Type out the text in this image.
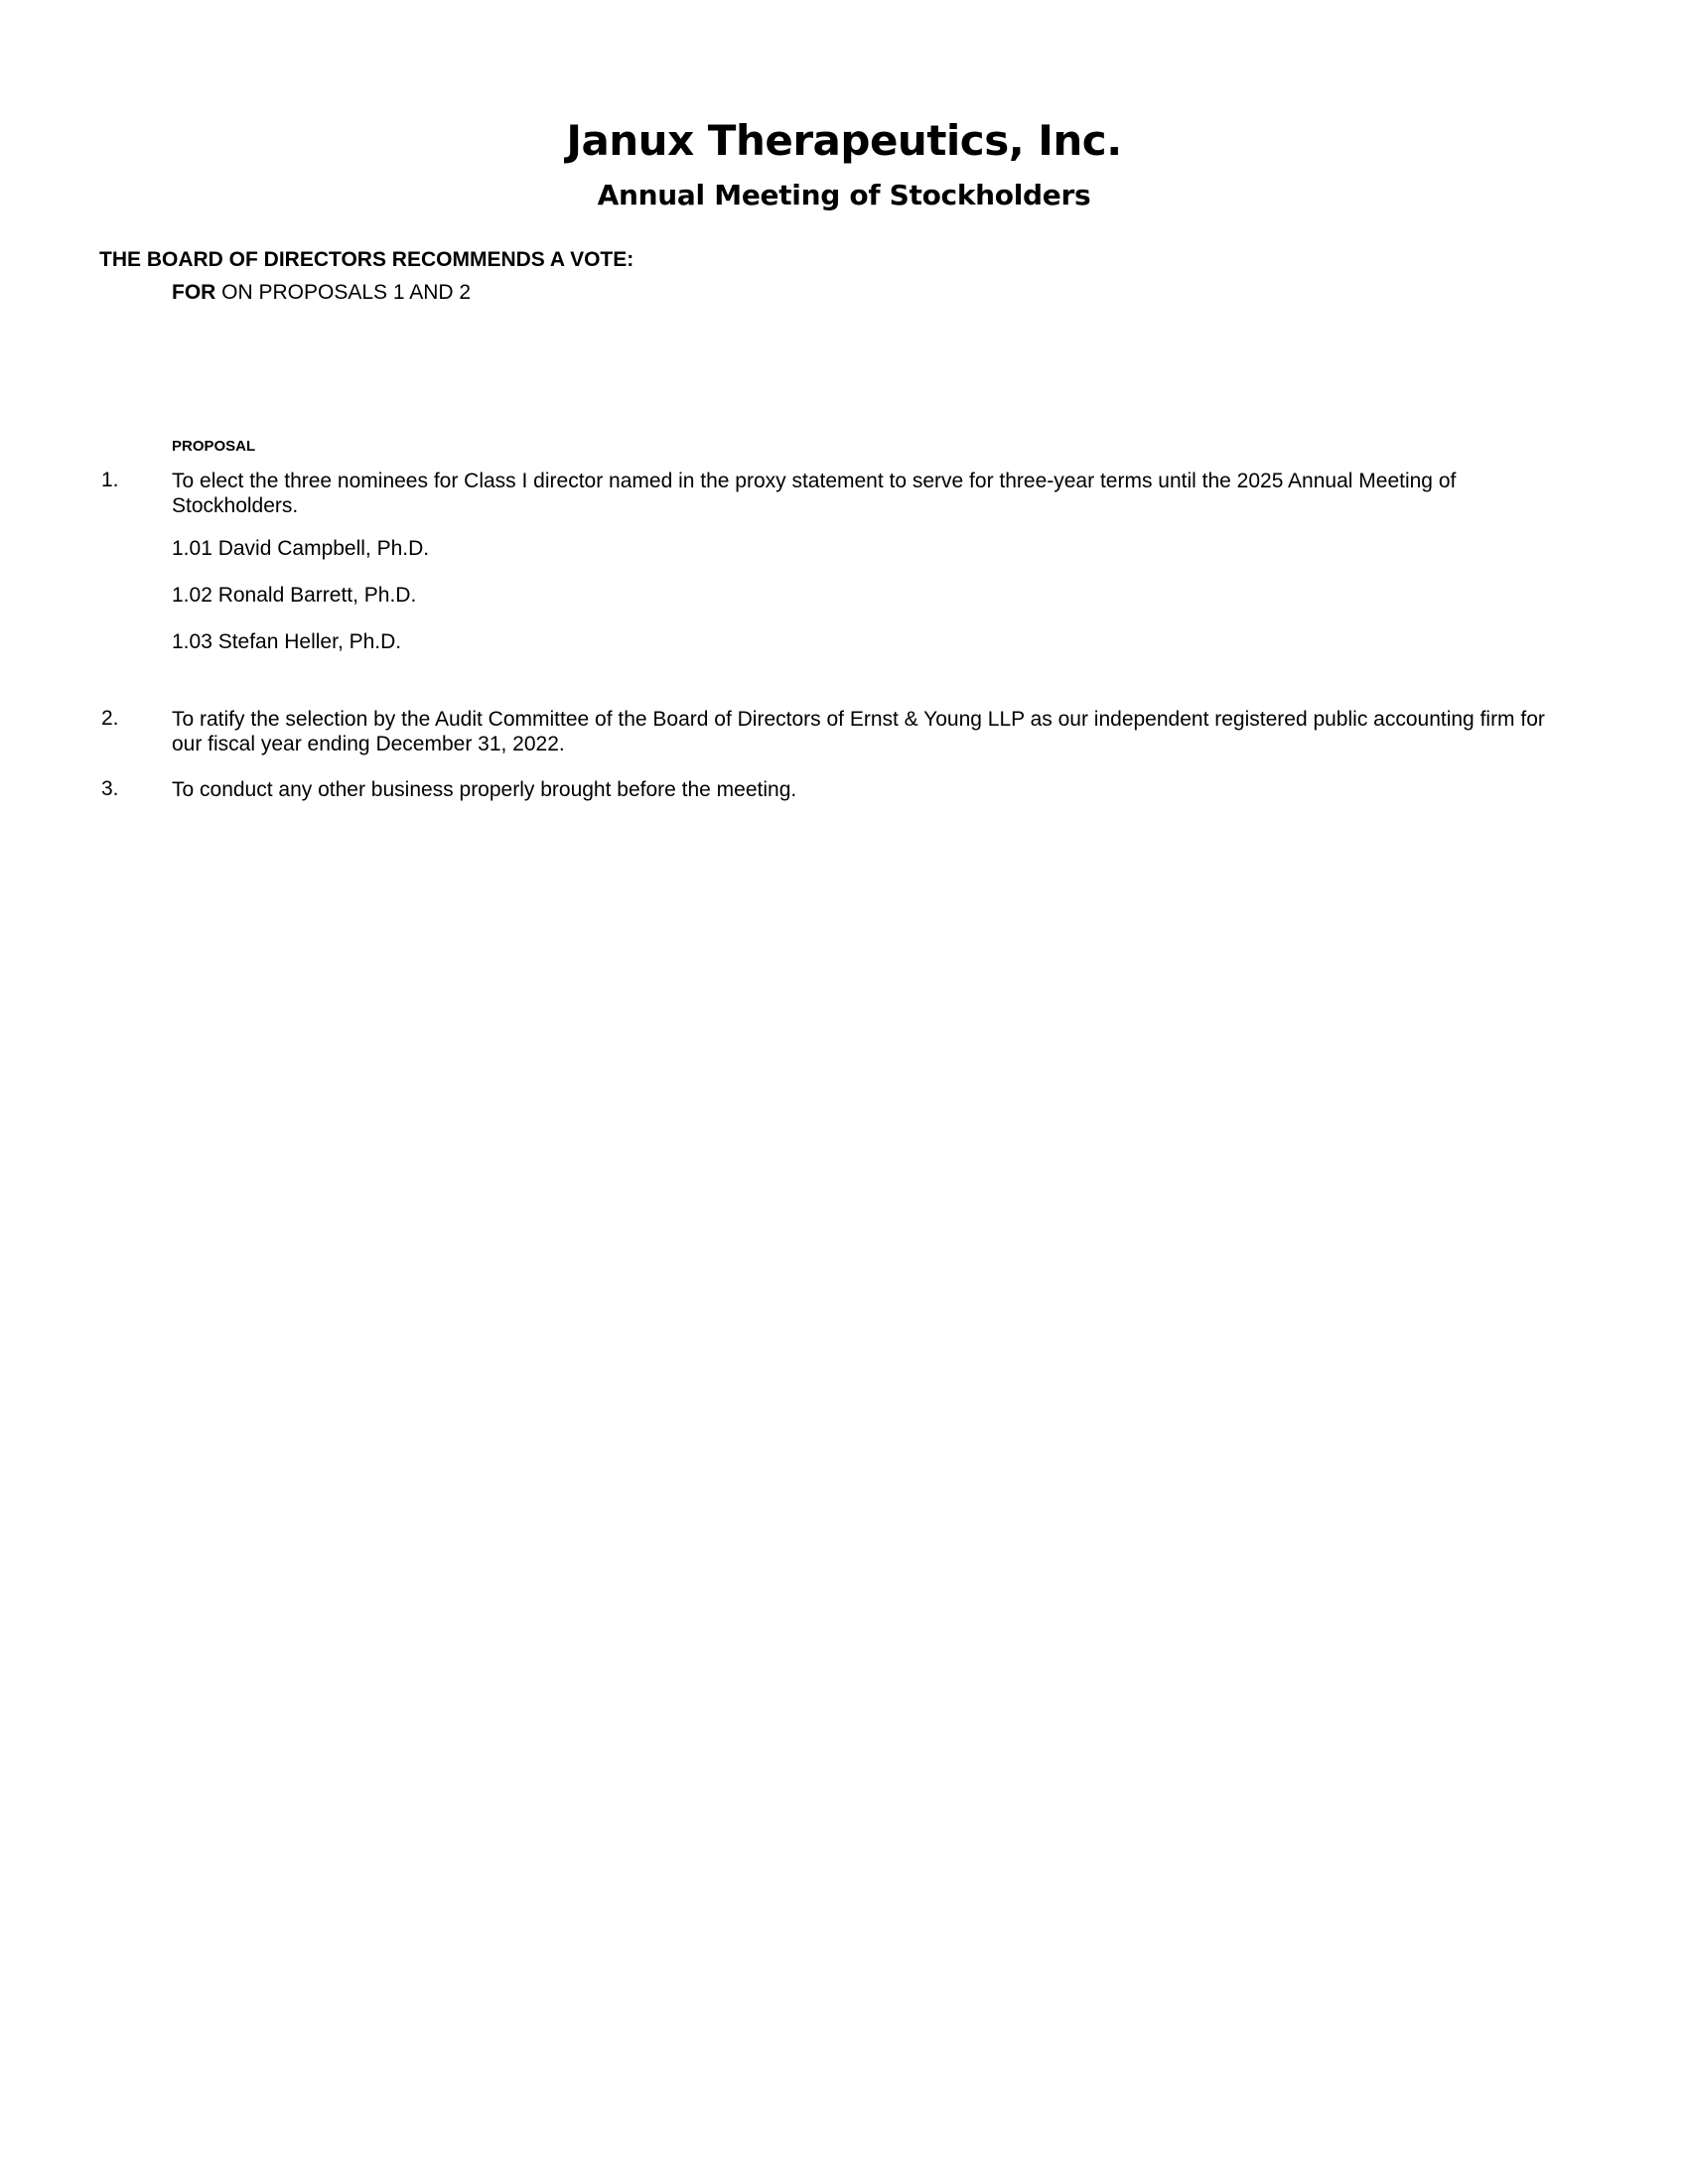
Janux Therapeutics, Inc.
Annual Meeting of Stockholders

THE BOARD OF DIRECTORS RECOMMENDS A VOTE:

FOR ON PROPOSALS 1 AND 2

PROPOSAL

1.	To elect the three nominees for Class I director named in the proxy statement to serve for three-year terms until the 2025 Annual Meeting of Stockholders.
1.01 David Campbell, Ph.D.
1.02 Ronald Barrett, Ph.D.
1.03 Stefan Heller, Ph.D.
2.	To ratify the selection by the Audit Committee of the Board of Directors of Ernst & Young LLP as our independent registered public accounting firm for our fiscal year ending December 31, 2022.
3.	To conduct any other business properly brought before the meeting.
